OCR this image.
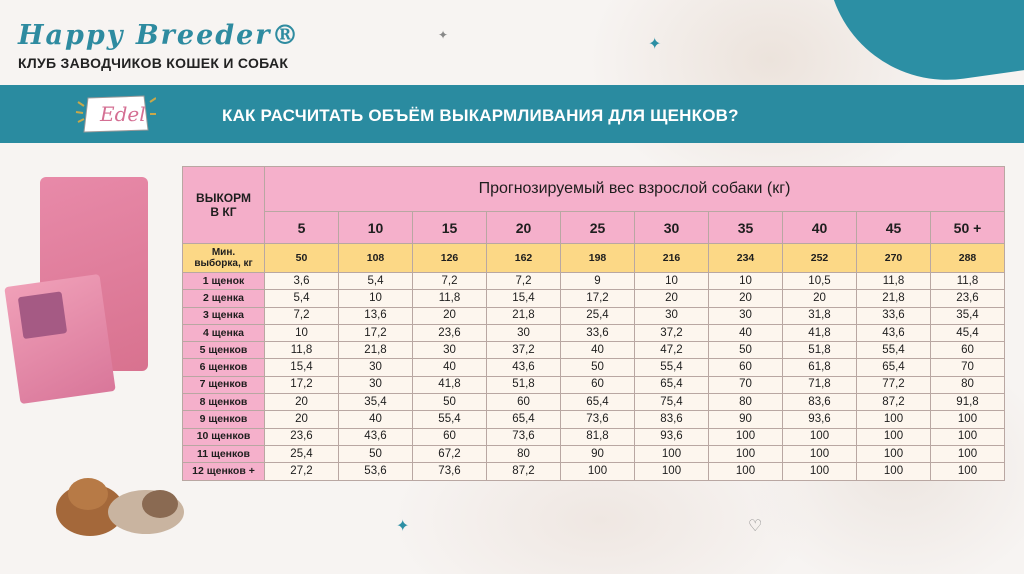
Happy Breeder®
КЛУБ ЗАВОДЧИКОВ КОШЕК И СОБАК
✦
✦
✦	♡
КАК РАСЧИТАТЬ ОБЪЁМ ВЫКАРМЛИВАНИЯ ДЛЯ ЩЕНКОВ?
Edel
ВЫКОРМ
В КГ	Прогнозируемый вес взрослой собаки (кг)									
	5	10	15	20	25	30	35	40	45	50 +
Мин.
выборка, кг	50	108	126	162	198	216	234	252	270	288
1 щенок	3,6	5,4	7,2	7,2	9	10	10	10,5	11,8	11,8
2 щенка	5,4	10	11,8	15,4	17,2	20	20	20	21,8	23,6
3 щенка	7,2	13,6	20	21,8	25,4	30	30	31,8	33,6	35,4
4 щенка	10	17,2	23,6	30	33,6	37,2	40	41,8	43,6	45,4
5 щенков	11,8	21,8	30	37,2	40	47,2	50	51,8	55,4	60
6 щенков	15,4	30	40	43,6	50	55,4	60	61,8	65,4	70
7 щенков	17,2	30	41,8	51,8	60	65,4	70	71,8	77,2	80
8 щенков	20	35,4	50	60	65,4	75,4	80	83,6	87,2	91,8
9 щенков	20	40	55,4	65,4	73,6	83,6	90	93,6	100	100
10 щенков	23,6	43,6	60	73,6	81,8	93,6	100	100	100	100
11 щенков	25,4	50	67,2	80	90	100	100	100	100	100
12 щенков +	27,2	53,6	73,6	87,2	100	100	100	100	100	100
